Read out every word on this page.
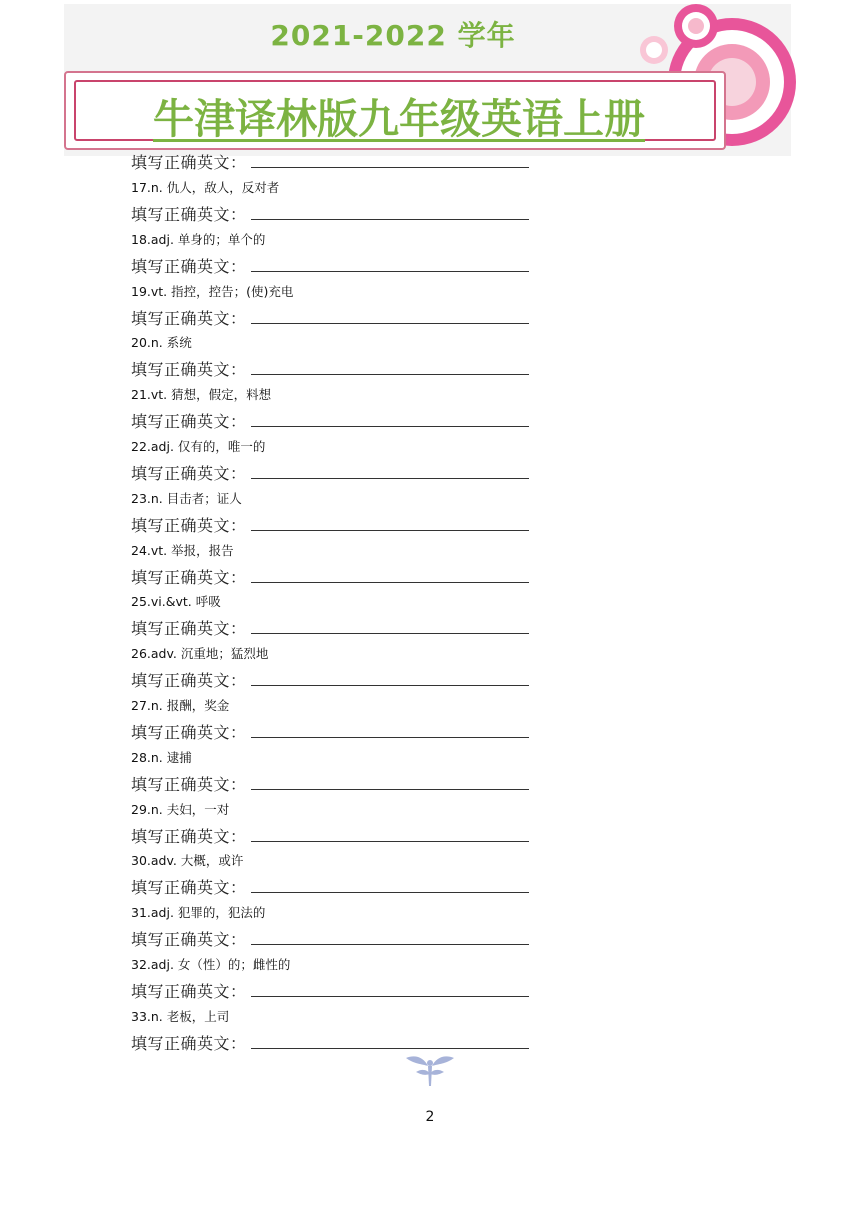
2021-2022 学年
牛津译林版九年级英语上册
填写正确英文：
17.n. 仇人，敌人，反对者
填写正确英文：
18.adj. 单身的；单个的
填写正确英文：
19.vt. 指控，控告；(使)充电
填写正确英文：
20.n. 系统
填写正确英文：
21.vt. 猜想，假定，料想
填写正确英文：
22.adj. 仅有的，唯一的
填写正确英文：
23.n. 目击者；证人
填写正确英文：
24.vt. 举报，报告
填写正确英文：
25.vi.&vt. 呼吸
填写正确英文：
26.adv. 沉重地；猛烈地
填写正确英文：
27.n. 报酬，奖金
填写正确英文：
28.n. 逮捕
填写正确英文：
29.n. 夫妇，一对
填写正确英文：
30.adv. 大概，或许
填写正确英文：
31.adj. 犯罪的，犯法的
填写正确英文：
32.adj. 女（性）的；雌性的
填写正确英文：
33.n. 老板，上司
填写正确英文：
2
